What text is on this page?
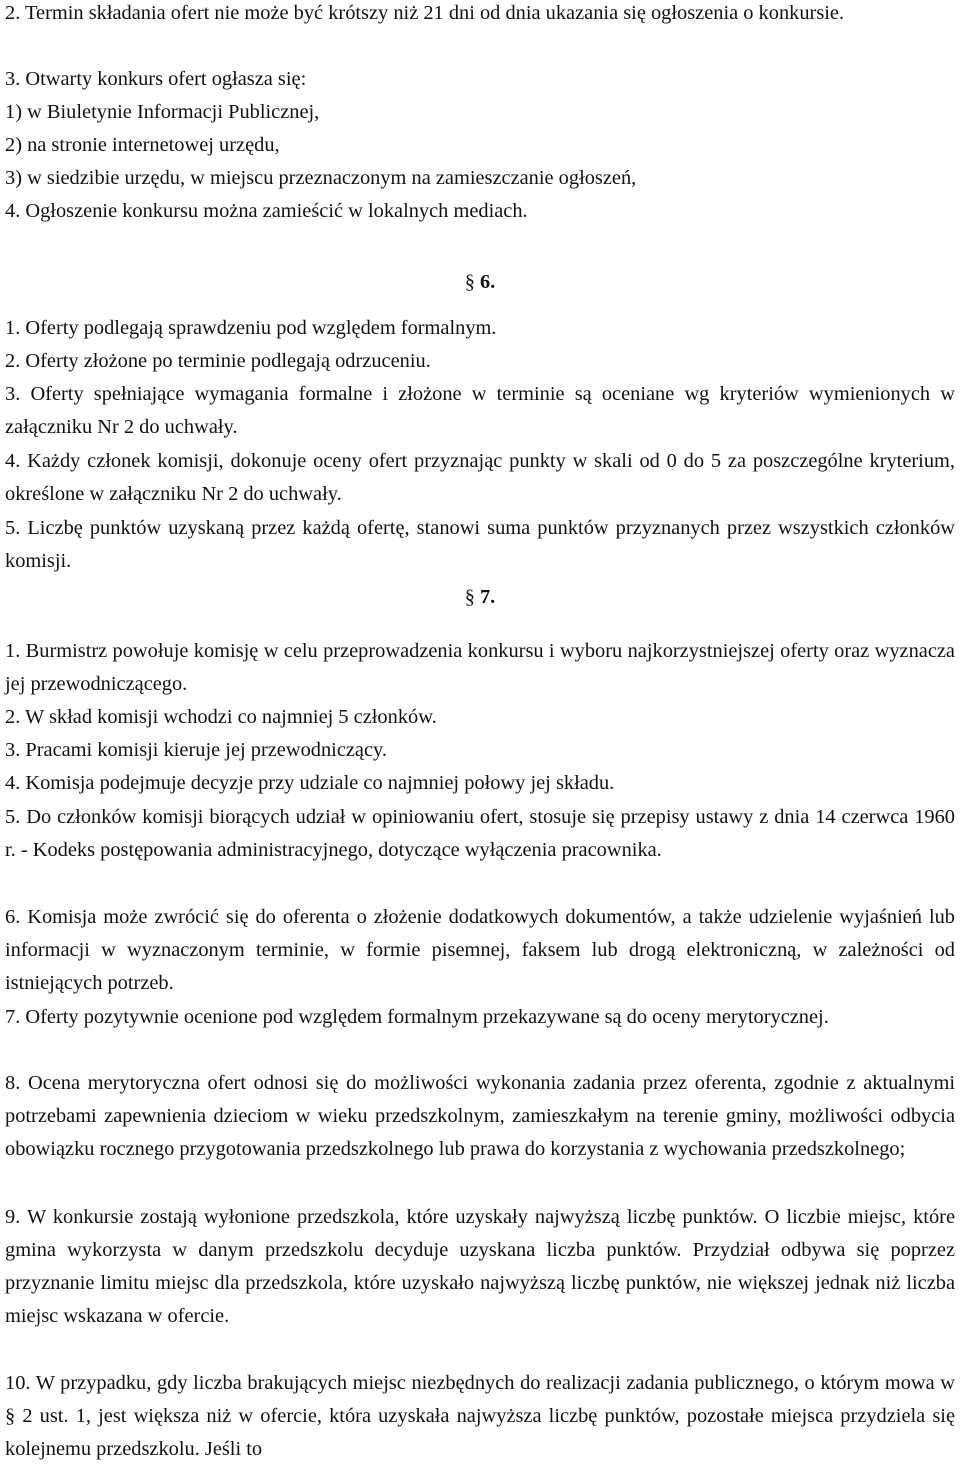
2. Termin składania ofert nie może być krótszy niż 21 dni od dnia ukazania się ogłoszenia o konkursie.

3. Otwarty konkurs ofert ogłasza się:

1) w Biuletynie Informacji Publicznej,

2) na stronie internetowej urzędu,

3) w siedzibie urzędu, w miejscu przeznaczonym na zamieszczanie ogłoszeń,

4. Ogłoszenie konkursu można zamieścić w lokalnych mediach.

§ 6.

1. Oferty podlegają sprawdzeniu pod względem formalnym.

2. Oferty złożone po terminie podlegają odrzuceniu.

3. Oferty spełniające wymagania formalne i złożone w terminie są oceniane wg kryteriów wymienionych w załączniku Nr 2 do uchwały.

4. Każdy członek komisji, dokonuje oceny ofert przyznając punkty w skali od 0 do 5 za poszczególne kryterium, określone w załączniku Nr 2 do uchwały.

5. Liczbę punktów uzyskaną przez każdą ofertę, stanowi suma punktów przyznanych przez wszystkich członków komisji.

§ 7.

1. Burmistrz powołuje komisję w celu przeprowadzenia konkursu i wyboru najkorzystniejszej oferty oraz wyznacza jej przewodniczącego.

2. W skład komisji wchodzi co najmniej 5 członków.

3. Pracami komisji kieruje jej przewodniczący.

4. Komisja podejmuje decyzje przy udziale co najmniej połowy jej składu.

5. Do członków komisji biorących udział w opiniowaniu ofert, stosuje się przepisy ustawy z dnia 14 czerwca 1960 r. - Kodeks postępowania administracyjnego, dotyczące wyłączenia pracownika.

6. Komisja może zwrócić się do oferenta o złożenie dodatkowych dokumentów, a także udzielenie wyjaśnień lub informacji w wyznaczonym terminie, w formie pisemnej, faksem lub drogą elektroniczną, w zależności od istniejących potrzeb.

7. Oferty pozytywnie ocenione pod względem formalnym przekazywane są do oceny merytorycznej.

8. Ocena merytoryczna ofert odnosi się do możliwości wykonania zadania przez oferenta, zgodnie z aktualnymi potrzebami zapewnienia dzieciom w wieku przedszkolnym, zamieszkałym na terenie gminy, możliwości odbycia obowiązku rocznego przygotowania przedszkolnego lub prawa do korzystania z wychowania przedszkolnego;

9. W konkursie zostają wyłonione przedszkola, które uzyskały najwyższą liczbę punktów. O liczbie miejsc, które gmina wykorzysta w danym przedszkolu decyduje uzyskana liczba punktów. Przydział odbywa się poprzez przyznanie limitu miejsc dla przedszkola, które uzyskało najwyższą liczbę punktów, nie większej jednak niż liczba miejsc wskazana w ofercie.

10. W przypadku, gdy liczba brakujących miejsc niezbędnych do realizacji zadania publicznego, o którym mowa w § 2 ust. 1, jest większa niż w ofercie, która uzyskała najwyższa liczbę punktów, pozostałe miejsca przydziela się kolejnemu przedszkolu. Jeśli to
